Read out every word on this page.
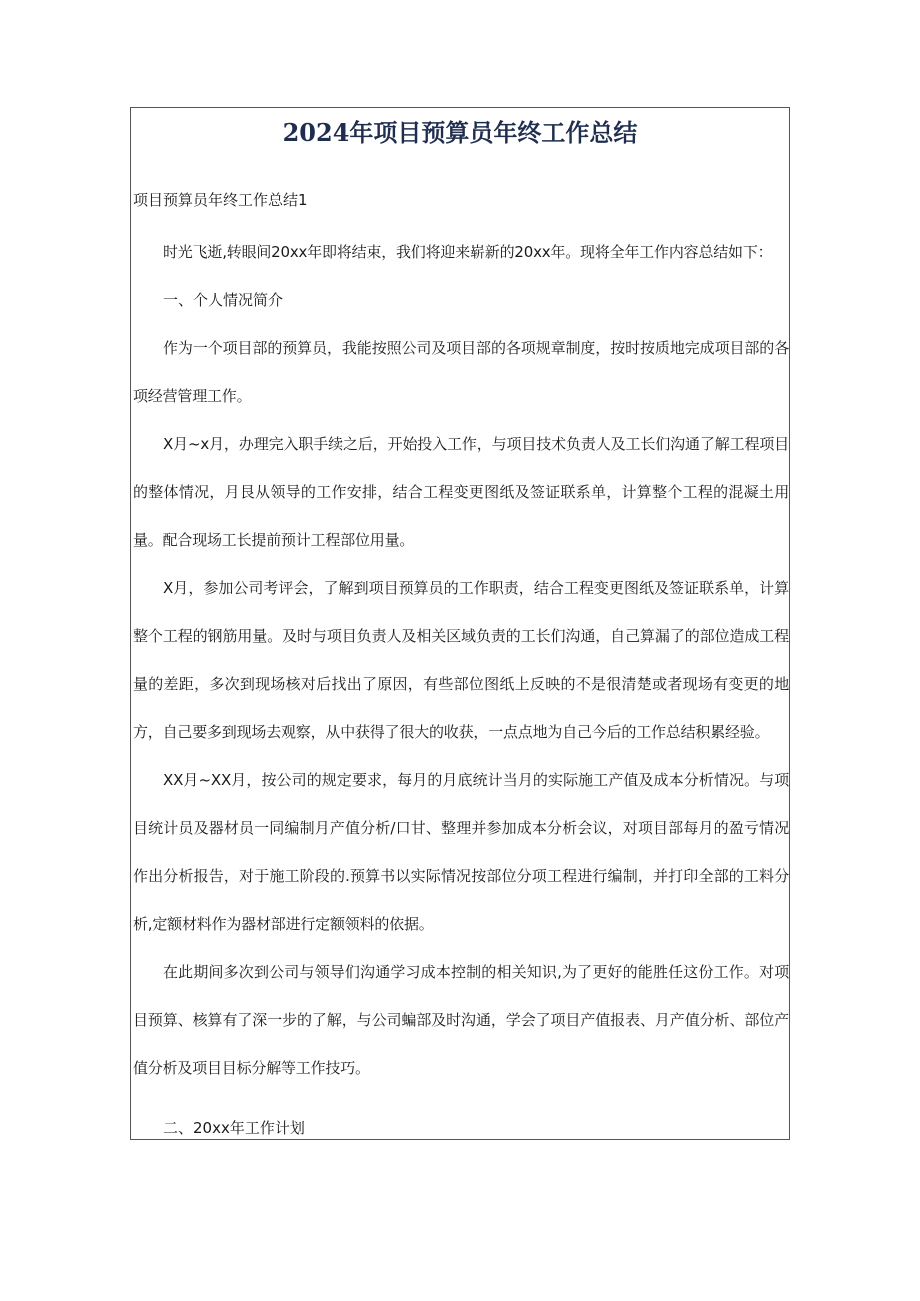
2024年项目预算员年终工作总结

项目预算员年终工作总结1

时光飞逝,转眼间20xx年即将结束，我们将迎来崭新的20xx年。现将全年工作内容总结如下：

一、个人情况简介

作为一个项目部的预算员，我能按照公司及项目部的各项规章制度，按时按质地完成项目部的各项经营管理工作。

X月~x月，办理完入职手续之后，开始投入工作，与项目技术负责人及工长们沟通了解工程项目的整体情况，月艮从领导的工作安排，结合工程变更图纸及签证联系单，计算整个工程的混凝土用量。配合现场工长提前预计工程部位用量。

X月，参加公司考评会，了解到项目预算员的工作职责，结合工程变更图纸及签证联系单，计算整个工程的钢筋用量。及时与项目负责人及相关区域负责的工长们沟通，自己算漏了的部位造成工程量的差距，多次到现场核对后找出了原因，有些部位图纸上反映的不是很清楚或者现场有变更的地方，自己要多到现场去观察，从中获得了很大的收获，一点点地为自己今后的工作总结积累经验。

XX月~XX月，按公司的规定要求，每月的月底统计当月的实际施工产值及成本分析情况。与项目统计员及器材员一同编制月产值分析/口甘、整理并参加成本分析会议，对项目部每月的盈亏情况作出分析报告，对于施工阶段的.预算书以实际情况按部位分项工程进行编制，并打印全部的工料分析,定额材料作为器材部进行定额领料的依据。

在此期间多次到公司与领导们沟通学习成本控制的相关知识,为了更好的能胜任这份工作。对项目预算、核算有了深一步的了解，与公司蝙部及时沟通，学会了项目产值报表、月产值分析、部位产值分析及项目目标分解等工作技巧。

二、20xx年工作计划
